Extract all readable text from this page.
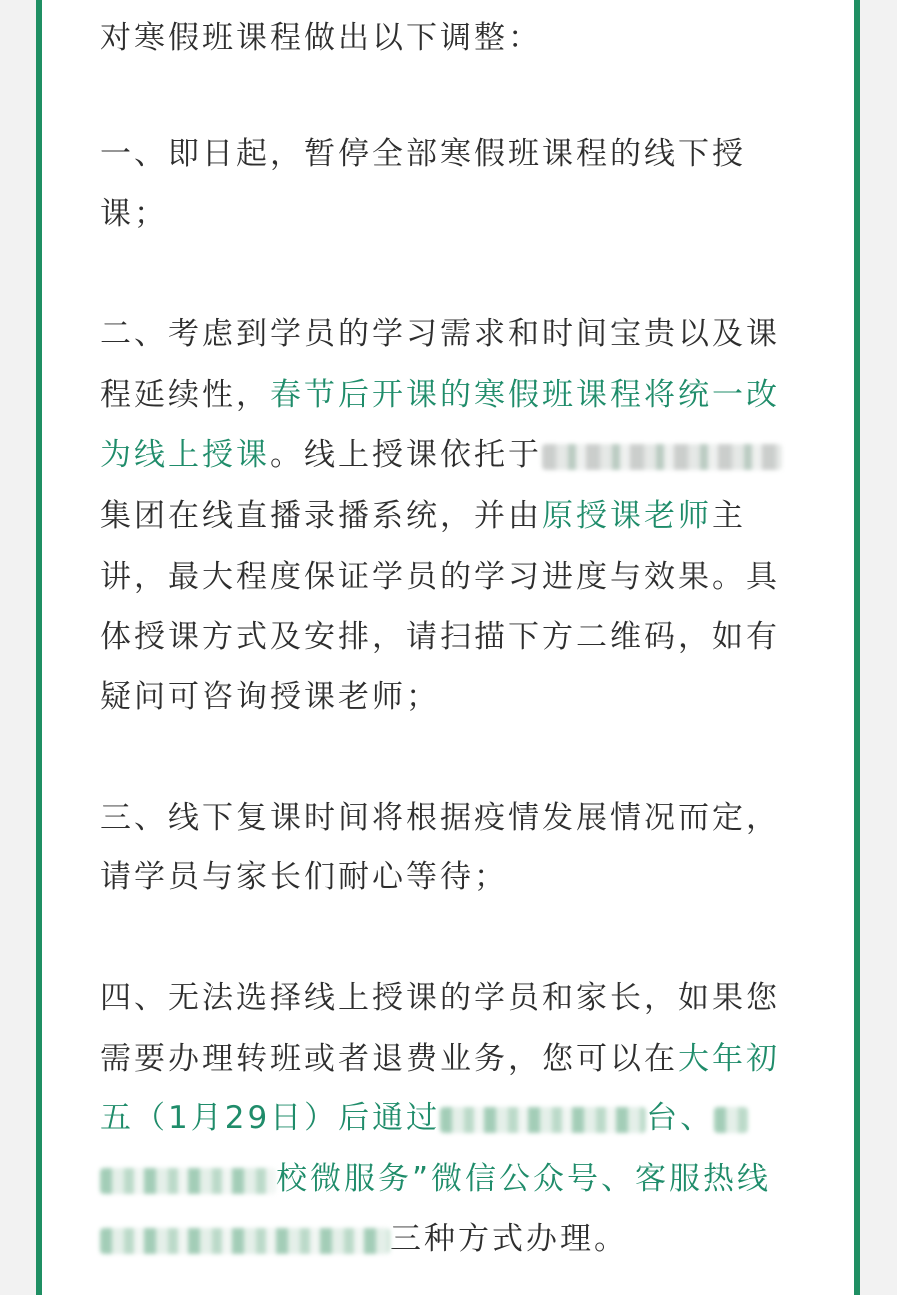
对寒假班课程做出以下调整：
一、即日起，暂停全部寒假班课程的线下授
课；
二、考虑到学员的学习需求和时间宝贵以及课
程延续性，春节后开课的寒假班课程将统一改
为线上授课。线上授课依托于
集团在线直播录播系统，并由原授课老师主
讲，最大程度保证学员的学习进度与效果。具
体授课方式及安排，请扫描下方二维码，如有
疑问可咨询授课老师；
三、线下复课时间将根据疫情发展情况而定，
请学员与家长们耐心等待；
四、无法选择线上授课的学员和家长，如果您
需要办理转班或者退费业务，您可以在大年初
五（1月29日）后通过	台、
校微服务”微信公众号、客服热线
三种方式办理。
